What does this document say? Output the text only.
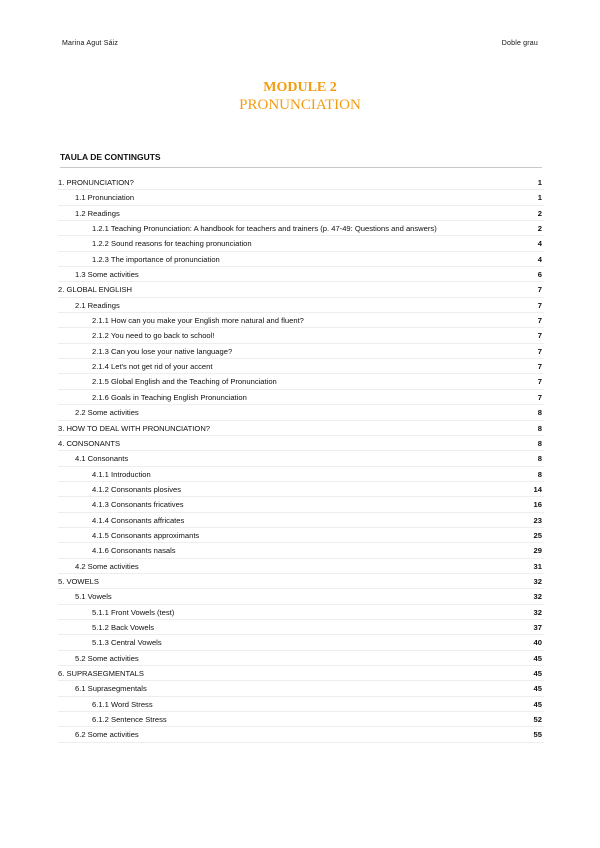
Marina Agut Sáiz	Doble grau
MODULE 2
PRONUNCIATION
TAULA DE CONTINGUTS
1. PRONUNCIATION?	1
1.1 Pronunciation	1
1.2 Readings	2
1.2.1 Teaching Pronunciation: A handbook for teachers and trainers (p. 47-49: Questions and answers)	2
1.2.2 Sound reasons for teaching pronunciation	4
1.2.3 The importance of pronunciation	4
1.3 Some activities	6
2. GLOBAL ENGLISH	7
2.1 Readings	7
2.1.1 How can you make your English more natural and fluent?	7
2.1.2 You need to go back to school!	7
2.1.3 Can you lose your native language?	7
2.1.4 Let's not get rid of your accent	7
2.1.5 Global English and the Teaching of Pronunciation	7
2.1.6 Goals in Teaching English Pronunciation	7
2.2 Some activities	8
3. HOW TO DEAL WITH PRONUNCIATION?	8
4. CONSONANTS	8
4.1 Consonants	8
4.1.1 Introduction	8
4.1.2 Consonants plosives	14
4.1.3 Consonants fricatives	16
4.1.4 Consonants affricates	23
4.1.5 Consonants approximants	25
4.1.6 Consonants nasals	29
4.2 Some activities	31
5. VOWELS	32
5.1 Vowels	32
5.1.1 Front Vowels (test)	32
5.1.2 Back Vowels	37
5.1.3 Central Vowels	40
5.2 Some activities	45
6. SUPRASEGMENTALS	45
6.1 Suprasegmentals	45
6.1.1 Word Stress	45
6.1.2 Sentence Stress	52
6.2 Some activities	55
